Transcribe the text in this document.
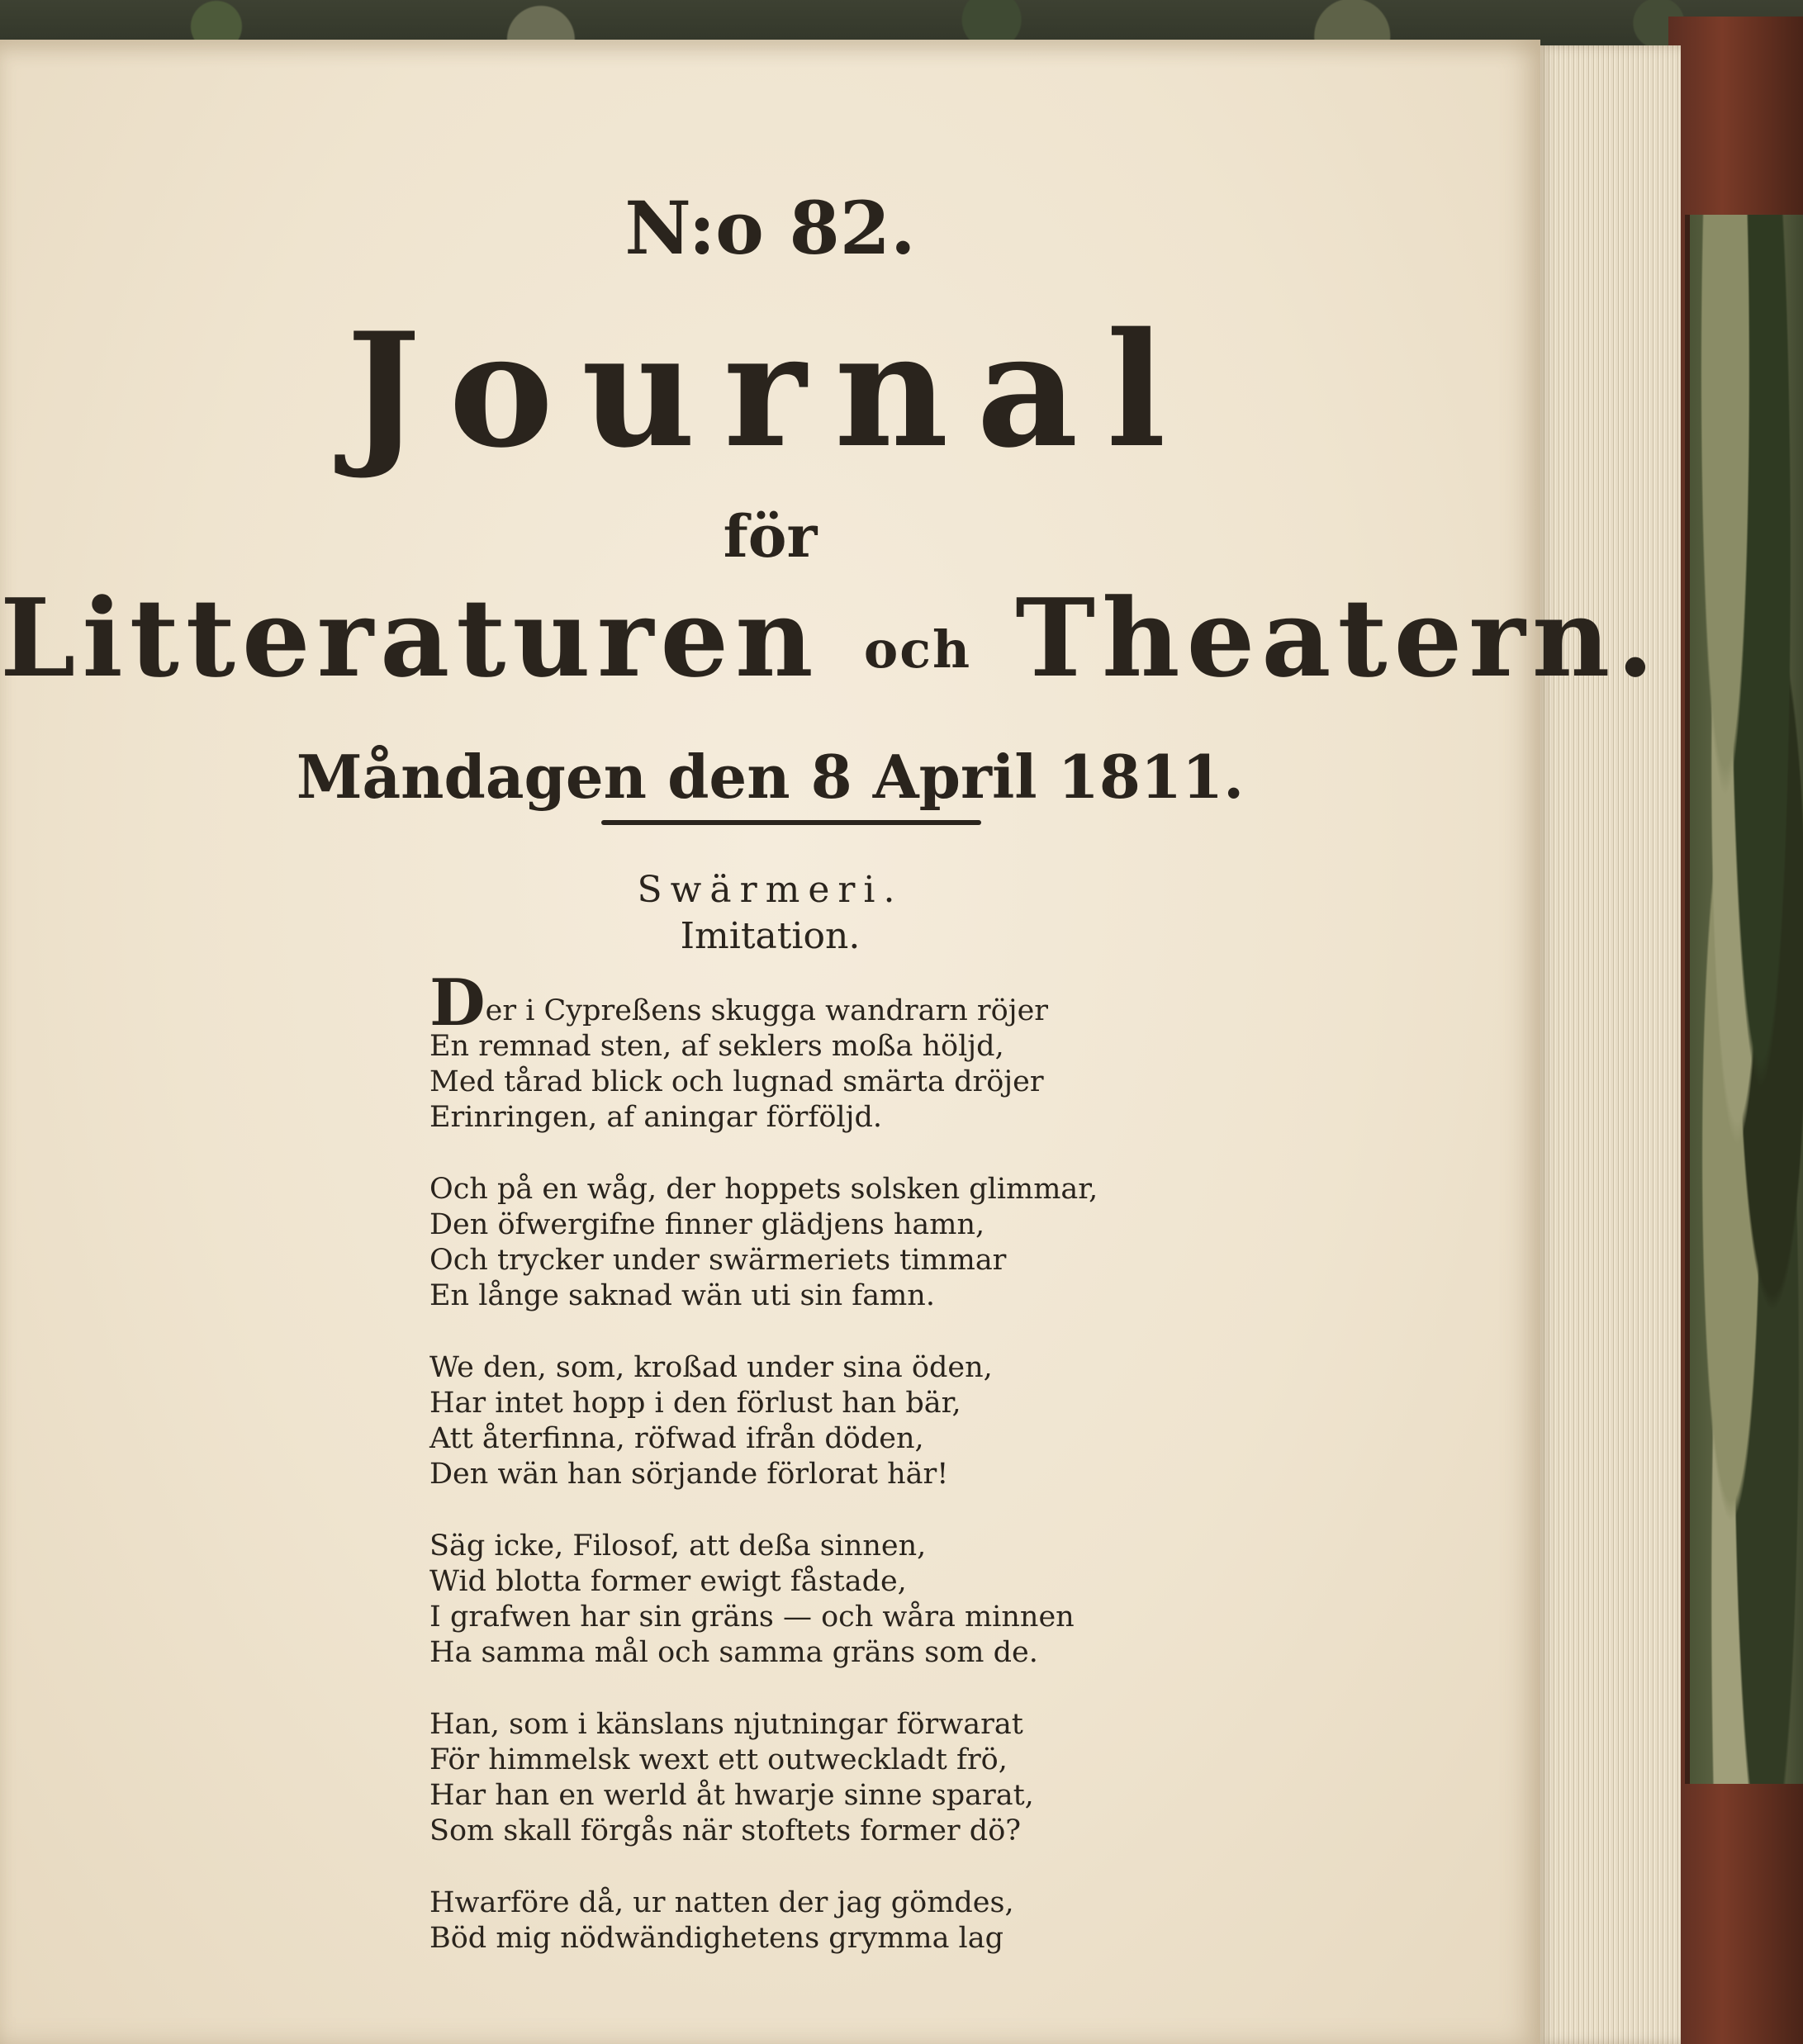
N:o 82.
Journal
för
Litteraturen och Theatern.
Måndagen den 8 April 1811.
Swärmeri.
Imitation.
Der i Cypreßens skugga wandrarn röjer
En remnad sten, af seklers moßa höljd,
Med tårad blick och lugnad smärta dröjer
Erinringen, af aningar förföljd.
Och på en wåg, der hoppets solsken glimmar,
Den öfwergifne finner glädjens hamn,
Och trycker under swärmeriets timmar
En långe saknad wän uti sin famn.
We den, som, kroßad under sina öden,
Har intet hopp i den förlust han bär,
Att återfinna, röfwad ifrån döden,
Den wän han sörjande förlorat här!
Säg icke, Filosof, att deßa sinnen,
Wid blotta former ewigt fåstade,
I grafwen har sin gräns — och wåra minnen
Ha samma mål och samma gräns som de.
Han, som i känslans njutningar förwarat
För himmelsk wext ett outweckladt frö,
Har han en werld åt hwarje sinne sparat,
Som skall förgås när stoftets former dö?
Hwarföre då, ur natten der jag gömdes,
Böd mig nödwändighetens grymma lag
